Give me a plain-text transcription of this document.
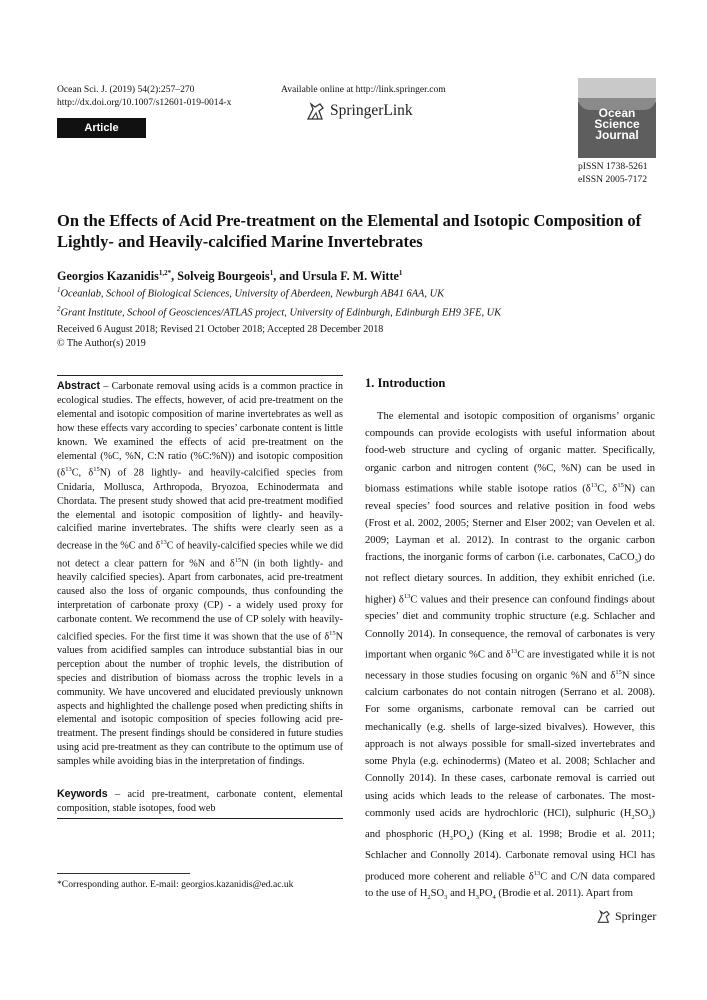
Ocean Sci. J. (2019) 54(2):257–270
http://dx.doi.org/10.1007/s12601-019-0014-x
Article
Available online at http://link.springer.com
SpringerLink	Ocean
Science
Journal
pISSN 1738-5261
eISSN 2005-7172
On the Effects of Acid Pre-treatment on the Elemental and Isotopic Composition of Lightly- and Heavily-calcified Marine Invertebrates
Georgios Kazanidis$^{1,2*}$, Solveig Bourgeois$^1$, and Ursula F. M. Witte$^1$
$^1$Oceanlab, School of Biological Sciences, University of Aberdeen, Newburgh AB41 6AA, UK
$^2$Grant Institute, School of Geosciences/ATLAS project, University of Edinburgh, Edinburgh EH9 3FE, UK
Received 6 August 2018; Revised 21 October 2018; Accepted 28 December 2018
© The Author(s) 2019
Abstract – Carbonate removal using acids is a common practice in ecological studies. The effects, however, of acid pre-treatment on the elemental and isotopic composition of marine invertebrates as well as how these effects vary according to species’ carbonate content is little known. We examined the effects of acid pre-treatment on the elemental (%C, %N, C:N ratio (%C:%N)) and isotopic composition ($\delta^{13}C$, $\delta^{15}N$) of 28 lightly- and heavily-calcified species from Cnidaria, Mollusca, Arthropoda, Bryozoa, Echinodermata and Chordata. The present study showed that acid pre-treatment modified the elemental and isotopic composition of lightly- and heavily-calcified marine invertebrates. The shifts were clearly seen as a decrease in the %C and $\delta^{13}C$ of heavily-calcified species while we did not detect a clear pattern for %N and $\delta^{15}N$ (in both lightly- and heavily calcified species). Apart from carbonates, acid pre-treatment caused also the loss of organic compounds, thus confounding the interpretation of carbonate proxy (CP) - a widely used proxy for carbonate content. We recommend the use of CP solely with heavily-calcified species. For the first time it was shown that the use of $\delta^{15}N$ values from acidified samples can introduce substantial bias in our perception about the number of trophic levels, the distribution of species and distribution of biomass across the trophic levels in a community. We have uncovered and elucidated previously unknown aspects and highlighted the challenge posed when predicting shifts in elemental and isotopic composition of species following acid pre-treatment. The present findings should be considered in future studies using acid pre-treatment as they can contribute to the optimum use of samples while avoiding bias in the interpretation of findings.
Keywords – acid pre-treatment, carbonate content, elemental composition, stable isotopes, food web
*Corresponding author. E-mail: georgios.kazanidis@ed.ac.uk
1. Introduction
The elemental and isotopic composition of organisms’ organic compounds can provide ecologists with useful information about food-web structure and cycling of organic matter. Specifically, organic carbon and nitrogen content (%C, %N) can be used in biomass estimations while stable isotope ratios ($\delta^{13}C$, $\delta^{15}N$) can reveal species’ food sources and relative position in food webs (Frost et al. 2002, 2005; Sterner and Elser 2002; van Oevelen et al. 2009; Layman et al. 2012). In contrast to the organic carbon fractions, the inorganic forms of carbon (i.e. carbonates, CaCO$_3$) do not reflect dietary sources. In addition, they exhibit enriched (i.e. higher) $\delta^{13}C$ values and their presence can confound findings about species’ diet and community trophic structure (e.g. Schlacher and Connolly 2014). In consequence, the removal of carbonates is very important when organic %C and $\delta^{13}C$ are investigated while it is not necessary in those studies focusing on organic %N and $\delta^{15}N$ since calcium carbonates do not contain nitrogen (Serrano et al. 2008). For some organisms, carbonate removal can be carried out mechanically (e.g. shells of large-sized bivalves). However, this approach is not always possible for small-sized invertebrates and some Phyla (e.g. echinoderms) (Mateo et al. 2008; Schlacher and Connolly 2014). In these cases, carbonate removal is carried out using acids which leads to the release of carbonates. The most-commonly used acids are hydrochloric (HCl), sulphuric $(H_2SO_3)$ and phosphoric $(H_3PO_4)$ (King et al. 1998; Brodie et al. 2011; Schlacher and Connolly 2014). Carbonate removal using HCl has produced more coherent and reliable $\delta^{13}C$ and C/N data compared to the use of $H_2SO_3$ and $H_3PO_4$ (Brodie et al. 2011). Apart from
Springer
